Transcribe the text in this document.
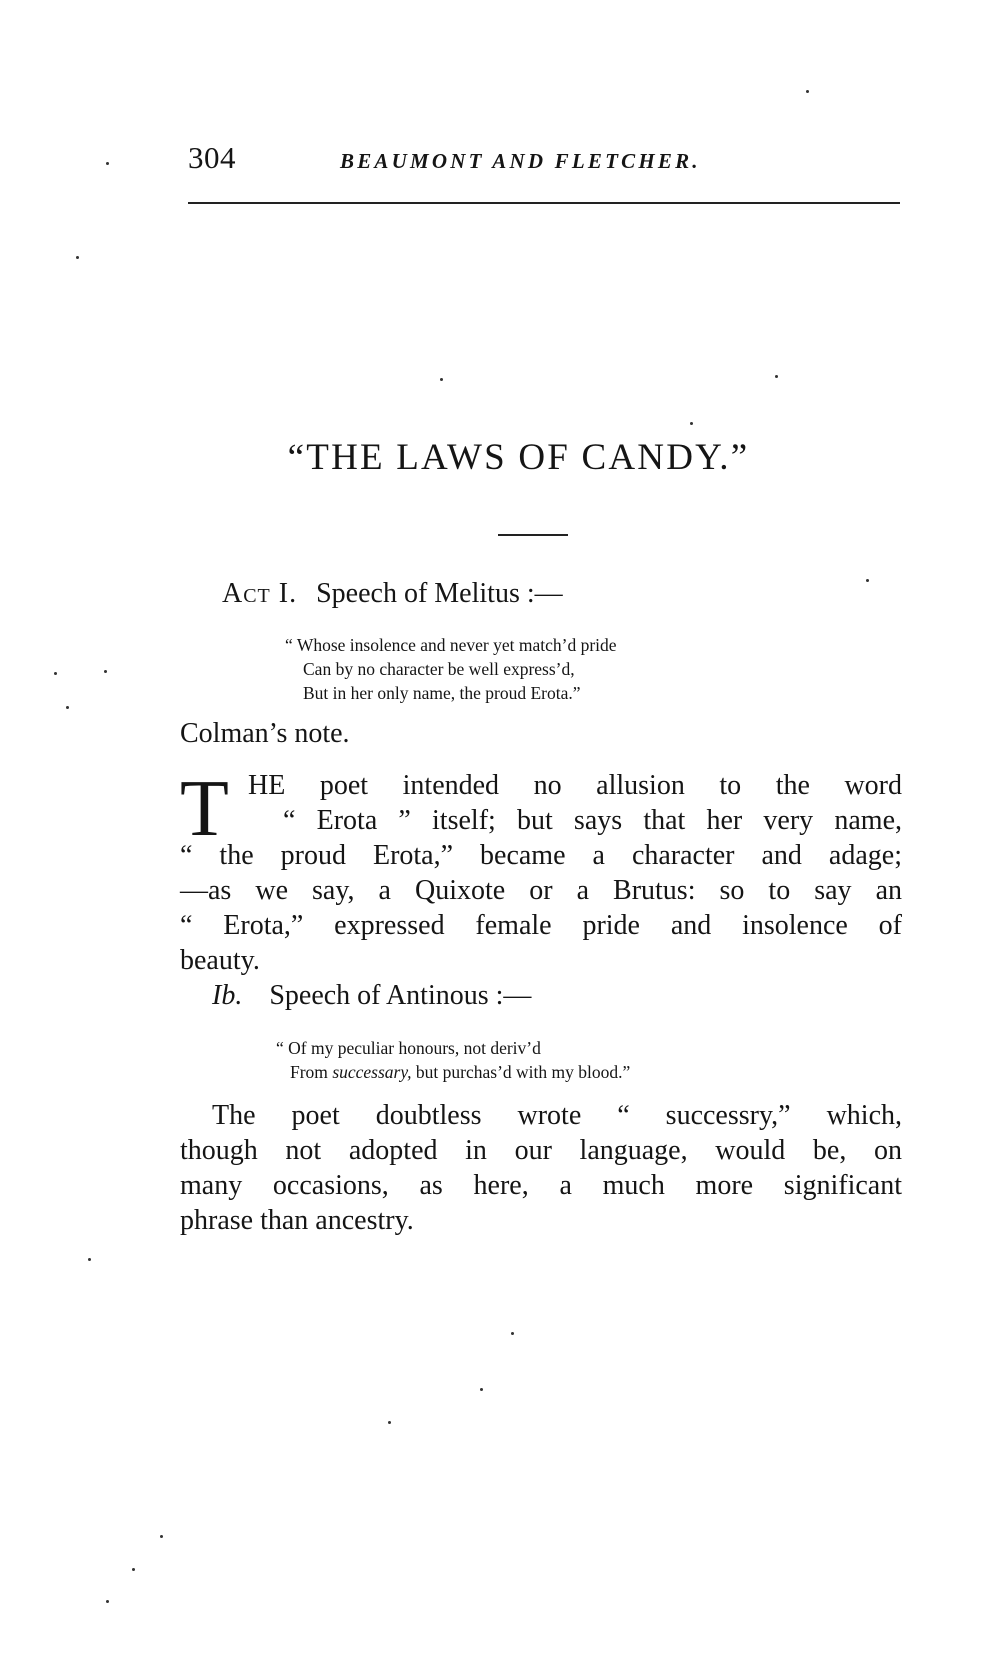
304	BEAUMONT AND FLETCHER.
“THE LAWS OF CANDY.”
Act I. Speech of Melitus :—
“ Whose insolence and never yet match’d pride
Can by no character be well express’d,
But in her only name, the proud Erota.”
Colman’s note.
T HE poet intended no allusion to the word
“ Erota ” itself; but says that her very name,
“ the proud Erota,” became a character and adage;
—as we say, a Quixote or a Brutus: so to say an
“ Erota,” expressed female pride and insolence of
beauty.
Ib. Speech of Antinous :—
“ Of my peculiar honours, not deriv’d
From successary, but purchas’d with my blood.”
The poet doubtless wrote “ successry,” which,
though not adopted in our language, would be, on
many occasions, as here, a much more significant
phrase than ancestry.
